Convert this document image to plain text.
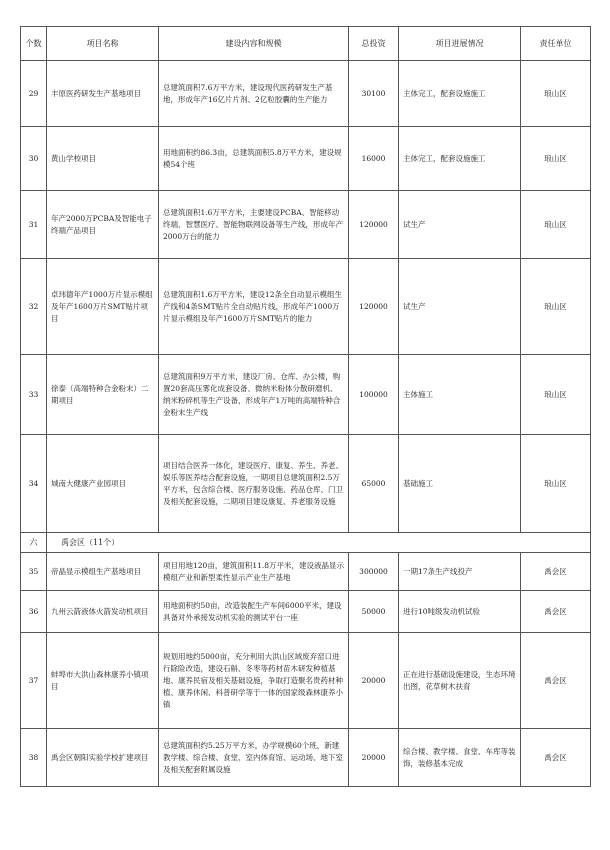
个数	项目名称	建设内容和规模	总投资	项目进展情况	责任单位
29	丰原医药研发生产基地项目	总建筑面积7.6万平方米，建设现代医药研发生产基地，形成年产16亿片片剂、2亿粒胶囊的生产能力	30100	主体完工，配套设施施工	琅山区
30	黄山学校项目	用地面积约86.3亩，总建筑面积5.8万平方米，建设规模54个班	16000	主体完工，配套设施施工	琅山区
31	年产2000万PCBA及智能电子终端产品项目	总建筑面积1.6万平方米，主要建设PCBA、智能移动终端、智慧医疗、智能物联网设备等生产线，形成年产2000万台的能力	120000	试生产	琅山区
32	卓玮德年产1000万片显示模组及年产1600万片SMT贴片项目	总建筑面积1.6万平方米，建设12条全自动显示模组生产线和4条SMT贴片全自动贴片线，形成年产1000万片显示模组及年产1600万片SMT贴片的能力	120000	试生产	琅山区
33	徐泰（高端特种合金粉末）二期项目	总建筑面积9万平方米，建设厂房、仓库、办公楼，购置20套高压雾化成套设备、微纳米粉体分散研磨机、纳米粉碎机等生产设备，形成年产1万吨的高端特种合金粉末生产线	100000	主体施工	琅山区
34	城南大健康产业园项目	项目结合医养一体化，建设医疗、康复、养生、养老、娱乐等医养结合配套设施，一期项目总建筑面积2.5万平方米，包含综合楼、医疗服务设施、药品仓库、门卫及相关配套设施，二期项目建设康复、养老服务设施	65000	基础施工	琅山区
六	禹会区（11个）				
35	帝晶显示模组生产基地项目	项目用地120亩，建筑面积11.8万平米，建设液晶显示模组产业和新型柔性显示产业生产基地	300000	一期17条生产线投产	禹会区
36	九州云箭液体火箭发动机项目	用地面积约50亩，改造装配生产车间6000平米，建设具备对外承接发动机实验的测试平台一座	50000	进行10吨级发动机试验	禹会区
37	蚌埠市大洪山森林康养小镇项目	规划用地约5000亩，充分利用大洪山区域废弃窑口进行除险改造，建设石斛、冬枣等药材苗木研发种植基地、康养民宿及相关基础设施，争取打造聚名贵药材种植、康养休闲、科普研学等于一体的国家级森林康养小镇	20000	正在进行基础设施建设，生态环境出图，花草树木扶育	禹会区
38	禹会区朝阳实验学校扩建项目	总建筑面积约5.25万平方米，办学规模60个班，新建教学楼、综合楼、食堂、室内体育馆、运动场、地下室及相关配套附属设施	20000	综合楼、教学楼、食堂、车库等装饰，装修基本完成	禹会区
